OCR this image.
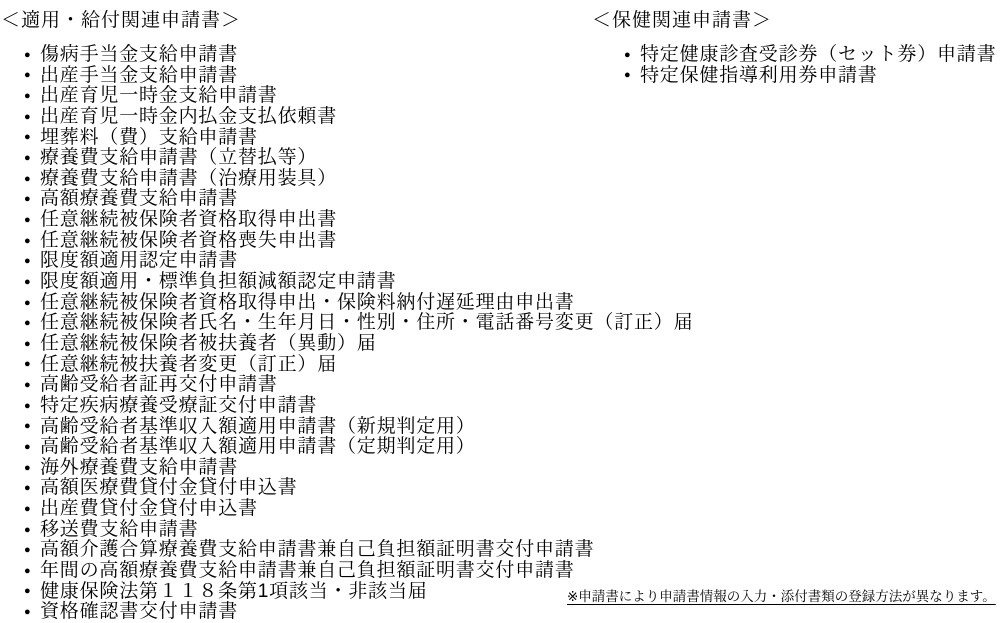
＜適用・給付関連申請書＞	＜保健関連申請書＞
● 傷病手当金支給申請書
● 出産手当金支給申請書
● 出産育児一時金支給申請書
● 出産育児一時金内払金支払依頼書
● 埋葬料（費）支給申請書
● 療養費支給申請書（立替払等）
● 療養費支給申請書（治療用装具）
● 高額療養費支給申請書
● 任意継続被保険者資格取得申出書
● 任意継続被保険者資格喪失申出書
● 限度額適用認定申請書
● 限度額適用・標準負担額減額認定申請書
● 任意継続被保険者資格取得申出・保険料納付遅延理由申出書
● 任意継続被保険者氏名・生年月日・性別・住所・電話番号変更（訂正）届
● 任意継続被保険者被扶養者（異動）届
● 任意継続被扶養者変更（訂正）届
● 高齢受給者証再交付申請書
● 特定疾病療養受療証交付申請書
● 高齢受給者基準収入額適用申請書（新規判定用）
● 高齢受給者基準収入額適用申請書（定期判定用）
● 海外療養費支給申請書
● 高額医療費貸付金貸付申込書
● 出産費貸付金貸付申込書
● 移送費支給申請書
● 高額介護合算療養費支給申請書兼自己負担額証明書交付申請書
● 年間の高額療養費支給申請書兼自己負担額証明書交付申請書
● 健康保険法第１１８条第1項該当・非該当届
● 資格確認書交付申請書
● 特定健康診査受診券（セット券）申請書
● 特定保健指導利用券申請書
※申請書により申請書情報の入力・添付書類の登録方法が異なります。
